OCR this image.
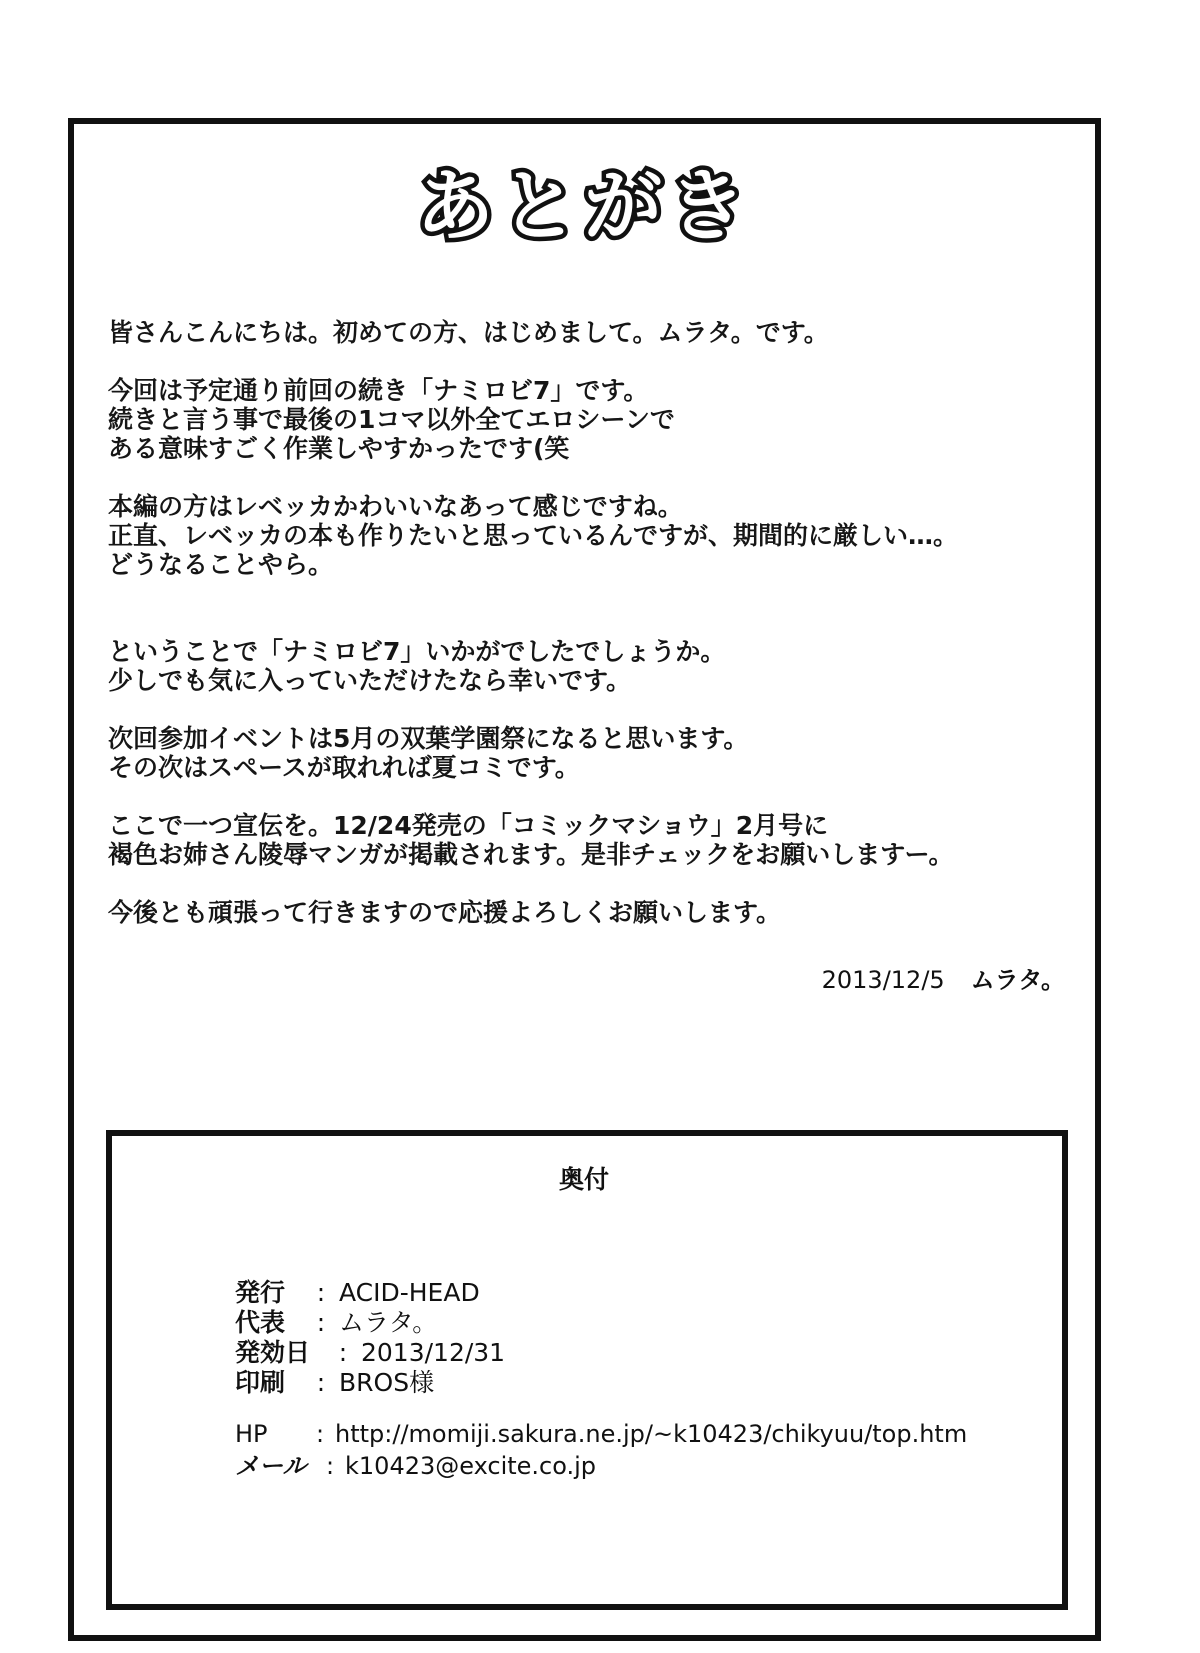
あとがき

皆さんこんにちは。初めての方、はじめまして。ムラタ。です。

今回は予定通り前回の続き「ナミロビ7」です。

続きと言う事で最後の1コマ以外全てエロシーンで

ある意味すごく作業しやすかったです(笑

本編の方はレベッカかわいいなあって感じですね。

正直、レベッカの本も作りたいと思っているんですが、期間的に厳しい…。

どうなることやら。

ということで「ナミロビ7」いかがでしたでしょうか。

少しでも気に入っていただけたなら幸いです。

次回参加イベントは5月の双葉学園祭になると思います。

その次はスペースが取れれば夏コミです。

ここで一つ宣伝を。12/24発売の「コミックマショウ」2月号に

褐色お姉さん陵辱マンガが掲載されます。是非チェックをお願いしますー。

今後とも頑張って行きますので応援よろしくお願いします。

2013/12/5 ムラタ。
奥付
発行	: ACID-HEAD
代表	: ムラタ。
発効日	: 2013/12/31
印刷	: BROS様
HP	: http://momiji.sakura.ne.jp/~k10423/chikyuu/top.htm
メール : k10423@excite.co.jp
